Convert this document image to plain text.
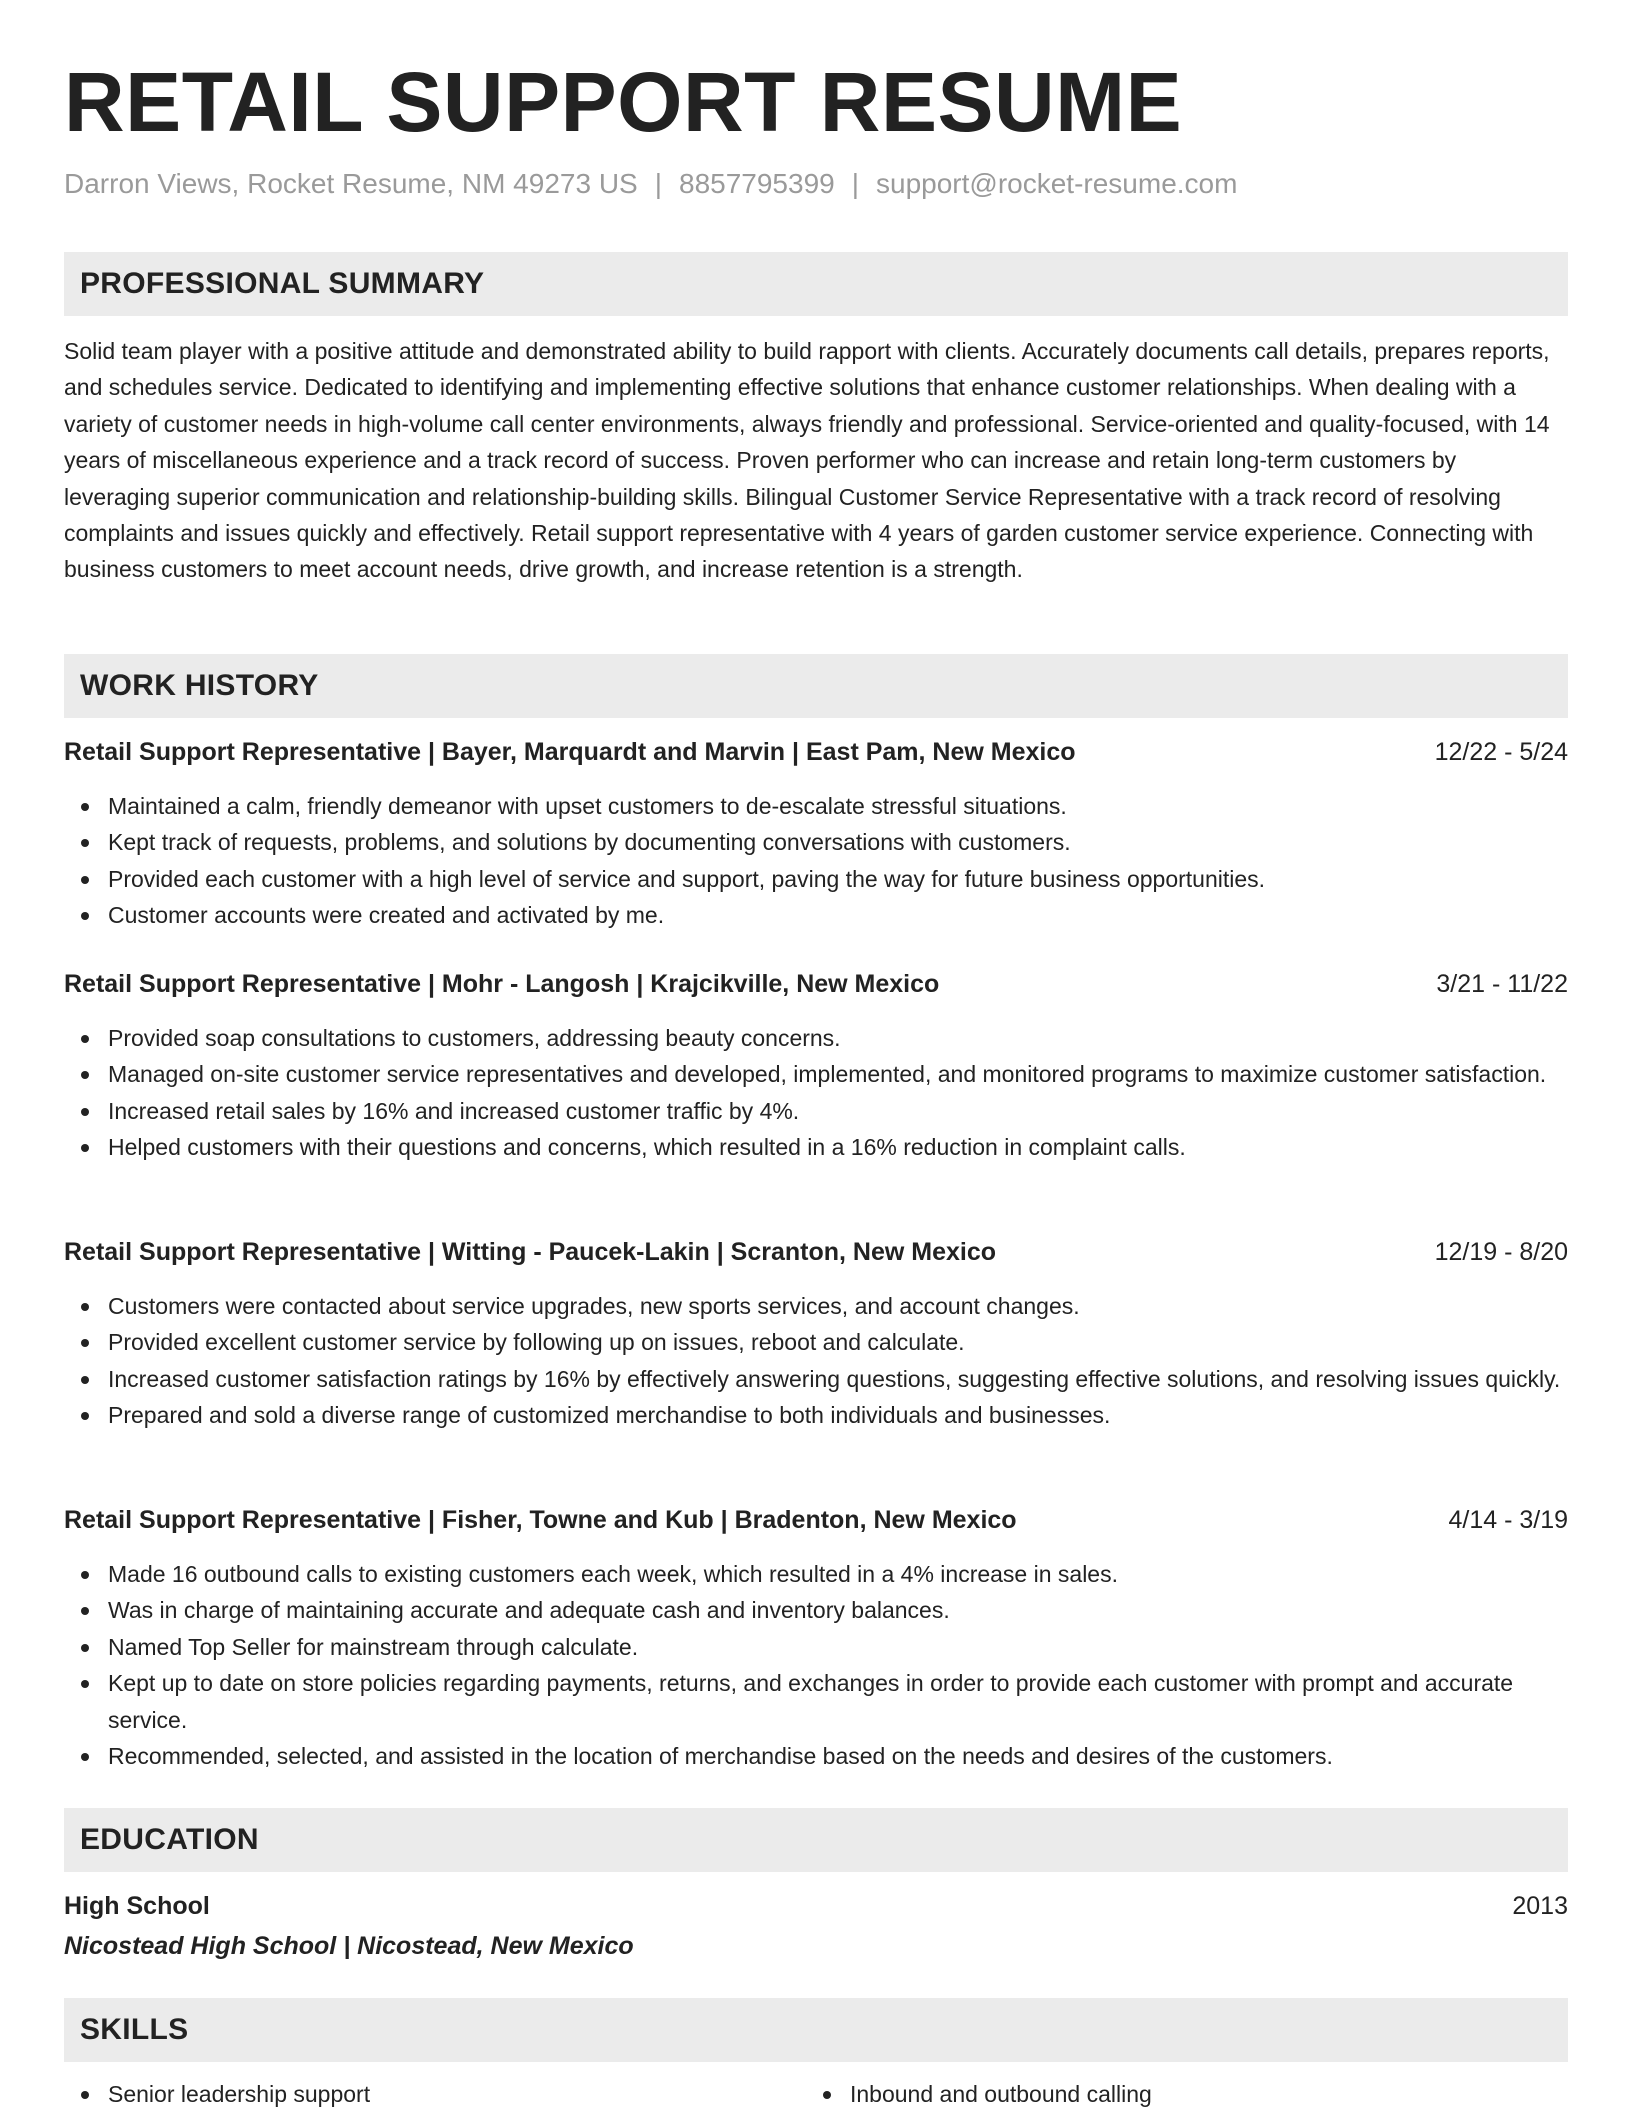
RETAIL SUPPORT RESUME
Darron Views, Rocket Resume, NM 49273 US | 8857795399 | support@rocket-resume.com
PROFESSIONAL SUMMARY

Solid team player with a positive attitude and demonstrated ability to build rapport with clients. Accurately documents call details, prepares reports, and schedules service. Dedicated to identifying and implementing effective solutions that enhance customer relationships. When dealing with a variety of customer needs in high-volume call center environments, always friendly and professional. Service-oriented and quality-focused, with 14 years of miscellaneous experience and a track record of success. Proven performer who can increase and retain long-term customers by leveraging superior communication and relationship-building skills. Bilingual Customer Service Representative with a track record of resolving complaints and issues quickly and effectively. Retail support representative with 4 years of garden customer service experience. Connecting with business customers to meet account needs, drive growth, and increase retention is a strength.

WORK HISTORY
Retail Support Representative | Bayer, Marquardt and Marvin | East Pam, New Mexico	12/22 - 5/24
Maintained a calm, friendly demeanor with upset customers to de-escalate stressful situations.
Kept track of requests, problems, and solutions by documenting conversations with customers.
Provided each customer with a high level of service and support, paving the way for future business opportunities.
Customer accounts were created and activated by me.
Retail Support Representative | Mohr - Langosh | Krajcikville, New Mexico	3/21 - 11/22
Provided soap consultations to customers, addressing beauty concerns.
Managed on-site customer service representatives and developed, implemented, and monitored programs to maximize customer satisfaction.
Increased retail sales by 16% and increased customer traffic by 4%.
Helped customers with their questions and concerns, which resulted in a 16% reduction in complaint calls.
Retail Support Representative | Witting - Paucek-Lakin | Scranton, New Mexico	12/19 - 8/20
Customers were contacted about service upgrades, new sports services, and account changes.
Provided excellent customer service by following up on issues, reboot and calculate.
Increased customer satisfaction ratings by 16% by effectively answering questions, suggesting effective solutions, and resolving issues quickly.
Prepared and sold a diverse range of customized merchandise to both individuals and businesses.
Retail Support Representative | Fisher, Towne and Kub | Bradenton, New Mexico	4/14 - 3/19
Made 16 outbound calls to existing customers each week, which resulted in a 4% increase in sales.
Was in charge of maintaining accurate and adequate cash and inventory balances.
Named Top Seller for mainstream through calculate.
Kept up to date on store policies regarding payments, returns, and exchanges in order to provide each customer with prompt and accurate service.
Recommended, selected, and assisted in the location of merchandise based on the needs and desires of the customers.
EDUCATION
High School	2013
Nicostead High School | Nicostead, New Mexico
SKILLS
Senior leadership support	Inbound and outbound calling
